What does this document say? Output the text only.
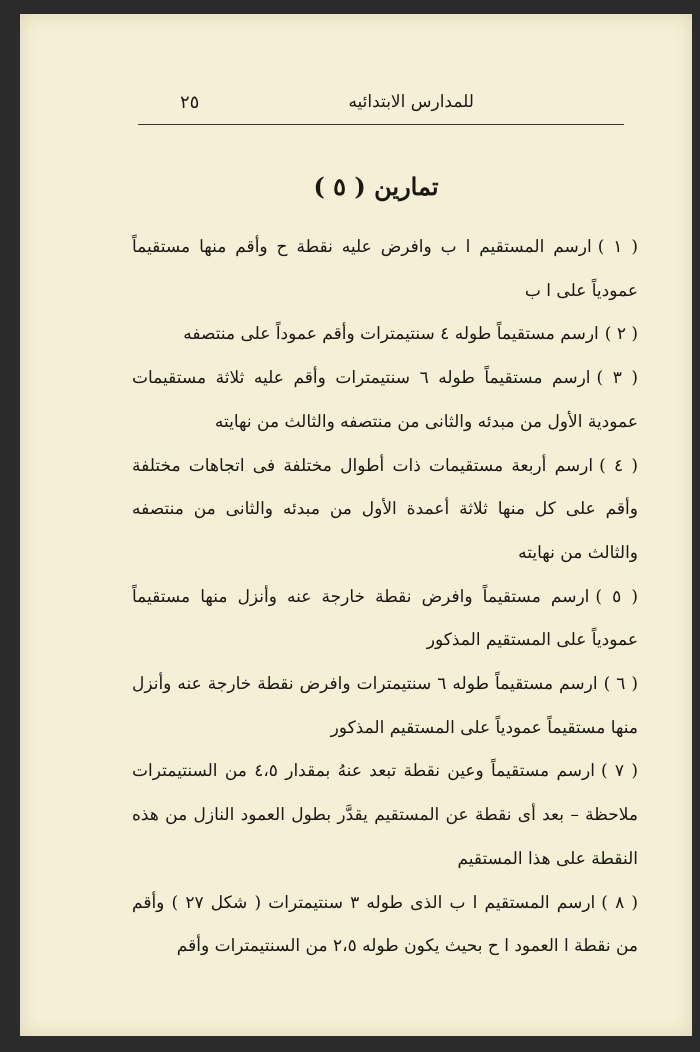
٢٥	للمدارس الابتدائيه
تمارين ( ٥ )

( ١ )ارسم المستقيم ا ب وافرض عليه نقطة ح وأقم منها مستقيماً عمودياً على ا ب

( ٢ )ارسم مستقيماً طوله ٤ سنتيمترات وأقم عموداً على منتصفه

( ٣ )ارسم مستقيماً طوله ٦ سنتيمترات وأقم عليه ثلاثة مستقيمات عمودية الأول من مبدئه والثانى من منتصفه والثالث من نهايته

( ٤ )ارسم أربعة مستقيمات ذات أطوال مختلفة فى اتجاهات مختلفة وأقم على كل منها ثلاثة أعمدة الأول من مبدئه والثانى من منتصفه والثالث من نهايته

( ٥ )ارسم مستقيماً وافرض نقطة خارجة عنه وأنزل منها مستقيماً عمودياً على المستقيم المذكور

( ٦ )ارسم مستقيماً طوله ٦ سنتيمترات وافرض نقطة خارجة عنه وأنزل منها مستقيماً عمودياً على المستقيم المذكور

( ٧ )ارسم مستقيماً وعين نقطة تبعد عنهُ بمقدار ٤،٥ من السنتيمترات ملاحظة – بعد أى نقطة عن المستقيم يقدَّر بطول العمود النازل من هذه النقطة على هذا المستقيم

( ٨ )ارسم المستقيم ا ب الذى طوله ٣ سنتيمترات ( شكل ٢٧ ) وأقم من نقطة ا العمود ا ح بحيث يكون طوله ٢،٥ من السنتيمترات وأقم
